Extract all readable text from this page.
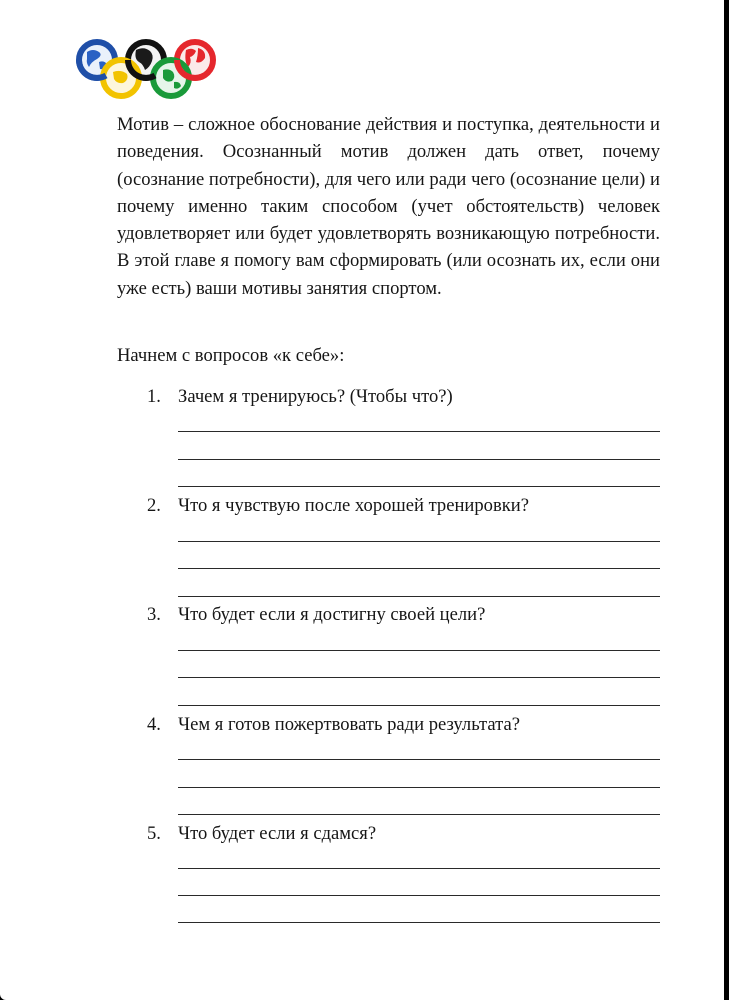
Мотив – сложное обоснование действия и поступка, деятельности и поведения. Осознанный мотив должен дать ответ, почему (осознание потребности), для чего или ради чего (осознание цели) и почему именно таким способом (учет обстоятельств) человек удовлетворяет или будет удовлетворять возникающую потребности. В этой главе я помогу вам сформировать (или осознать их, если они уже есть) ваши мотивы занятия спортом.

Начнем с вопросов «к себе»:

1. Зачем я тренируюсь? (Чтобы что?)
2. Что я чувствую после хорошей тренировки?
3. Что будет если я достигну своей цели?
4. Чем я готов пожертвовать ради результата?
5. Что будет если я сдамся?
